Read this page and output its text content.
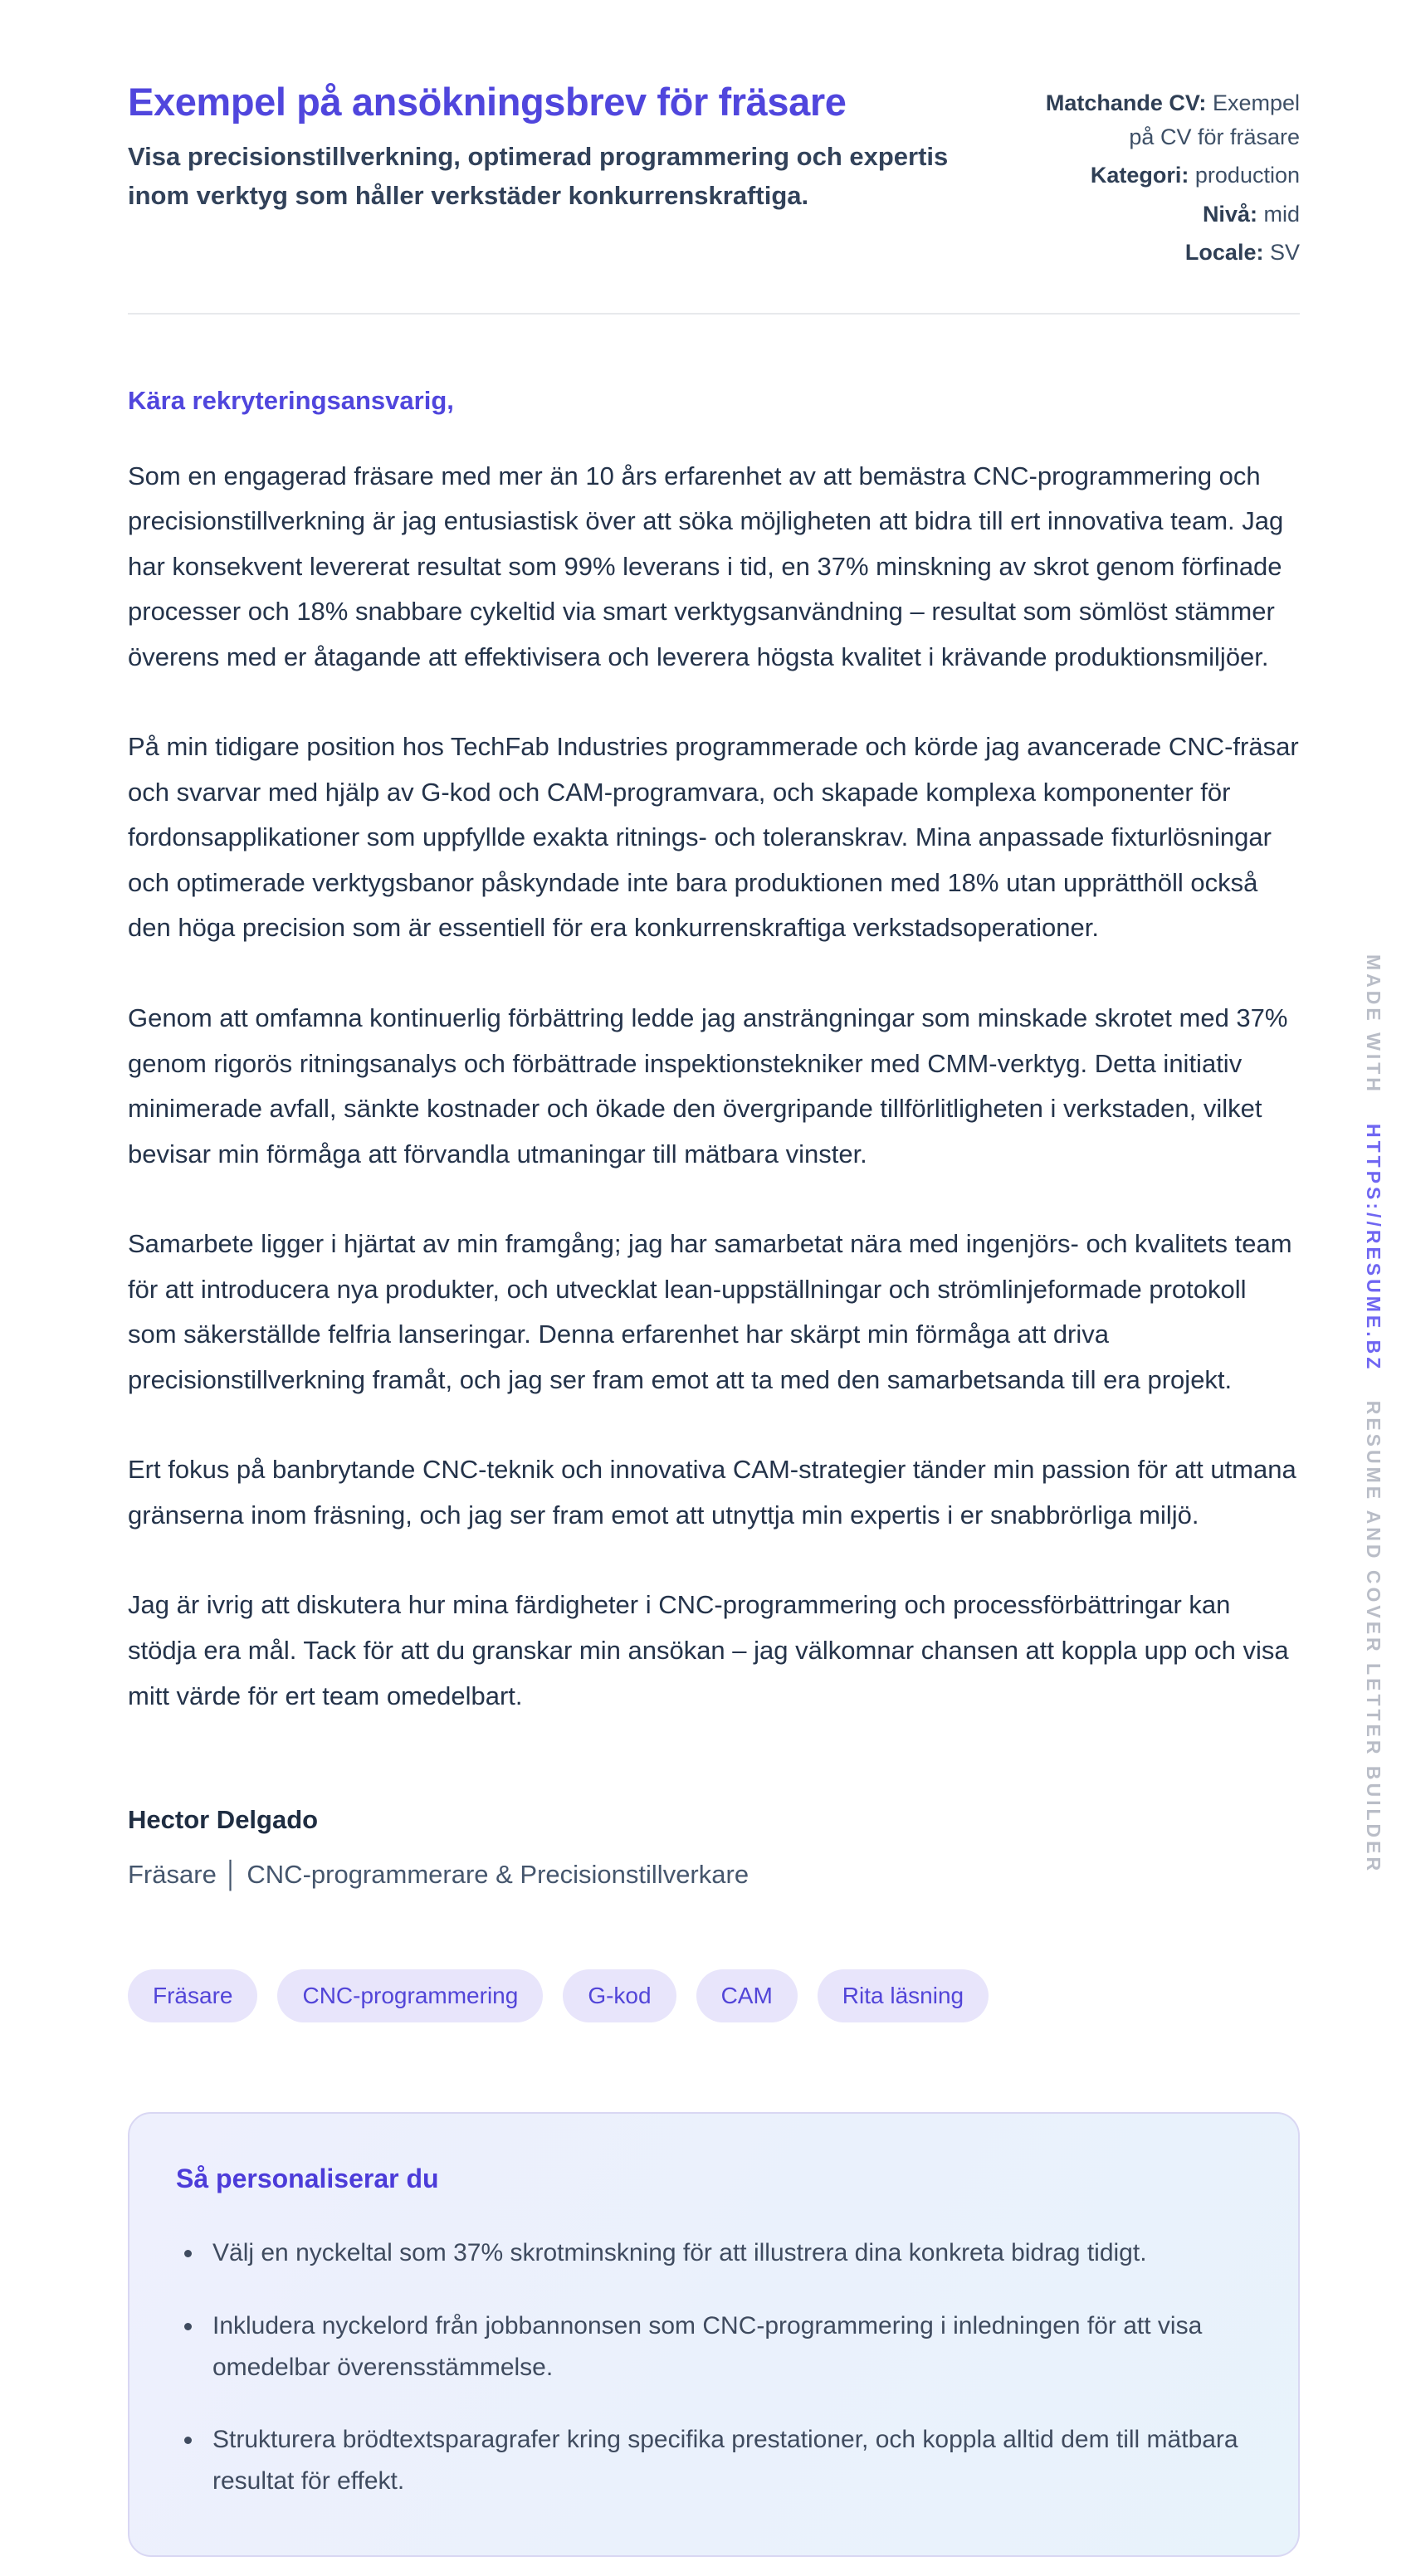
Exempel på ansökningsbrev för fräsare

Visa precisionstillverkning, optimerad programmering och expertis inom verktyg som håller verkstäder konkurrenskraftiga.

Matchande CV: Exempel på CV för fräsare
Kategori: production
Nivå: mid
Locale: SV

Kära rekryteringsansvarig,

Som en engagerad fräsare med mer än 10 års erfarenhet av att bemästra CNC-programmering och precisionstillverkning är jag entusiastisk över att söka möjligheten att bidra till ert innovativa team. Jag har konsekvent levererat resultat som 99% leverans i tid, en 37% minskning av skrot genom förfinade processer och 18% snabbare cykeltid via smart verktygsanvändning – resultat som sömlöst stämmer överens med er åtagande att effektivisera och leverera högsta kvalitet i krävande produktionsmiljöer.

På min tidigare position hos TechFab Industries programmerade och körde jag avancerade CNC-fräsar och svarvar med hjälp av G-kod och CAM-programvara, och skapade komplexa komponenter för fordonsapplikationer som uppfyllde exakta ritnings- och toleranskrav. Mina anpassade fixturlösningar och optimerade verktygsbanor påskyndade inte bara produktionen med 18% utan upprätthöll också den höga precision som är essentiell för era konkurrenskraftiga verkstadsoperationer.

Genom att omfamna kontinuerlig förbättring ledde jag ansträngningar som minskade skrotet med 37% genom rigorös ritningsanalys och förbättrade inspektionstekniker med CMM-verktyg. Detta initiativ minimerade avfall, sänkte kostnader och ökade den övergripande tillförlitligheten i verkstaden, vilket bevisar min förmåga att förvandla utmaningar till mätbara vinster.

Samarbete ligger i hjärtat av min framgång; jag har samarbetat nära med ingenjörs- och kvalitets team för att introducera nya produkter, och utvecklat lean-uppställningar och strömlinjeformade protokoll som säkerställde felfria lanseringar. Denna erfarenhet har skärpt min förmåga att driva precisionstillverkning framåt, och jag ser fram emot att ta med den samarbetsanda till era projekt.

Ert fokus på banbrytande CNC-teknik och innovativa CAM-strategier tänder min passion för att utmana gränserna inom fräsning, och jag ser fram emot att utnyttja min expertis i er snabbrörliga miljö.

Jag är ivrig att diskutera hur mina färdigheter i CNC-programmering och processförbättringar kan stödja era mål. Tack för att du granskar min ansökan – jag välkomnar chansen att koppla upp och visa mitt värde för ert team omedelbart.

Hector Delgado

Fräsare │ CNC-programmerare & Precisionstillverkare

Fräsare	CNC-programmering	G-kod	CAM	Rita läsning
Så personaliserar du
• Välj en nyckeltal som 37% skrotminskning för att illustrera dina konkreta bidrag tidigt.
• Inkludera nyckelord från jobbannonsen som CNC-programmering i inledningen för att visa omedelbar överensstämmelse.
• Strukturera brödtextsparagrafer kring specifika prestationer, och koppla alltid dem till mätbara resultat för effekt.
MADE WITH  HTTPS://RESUME.BZ  RESUME AND COVER LETTER BUILDER
